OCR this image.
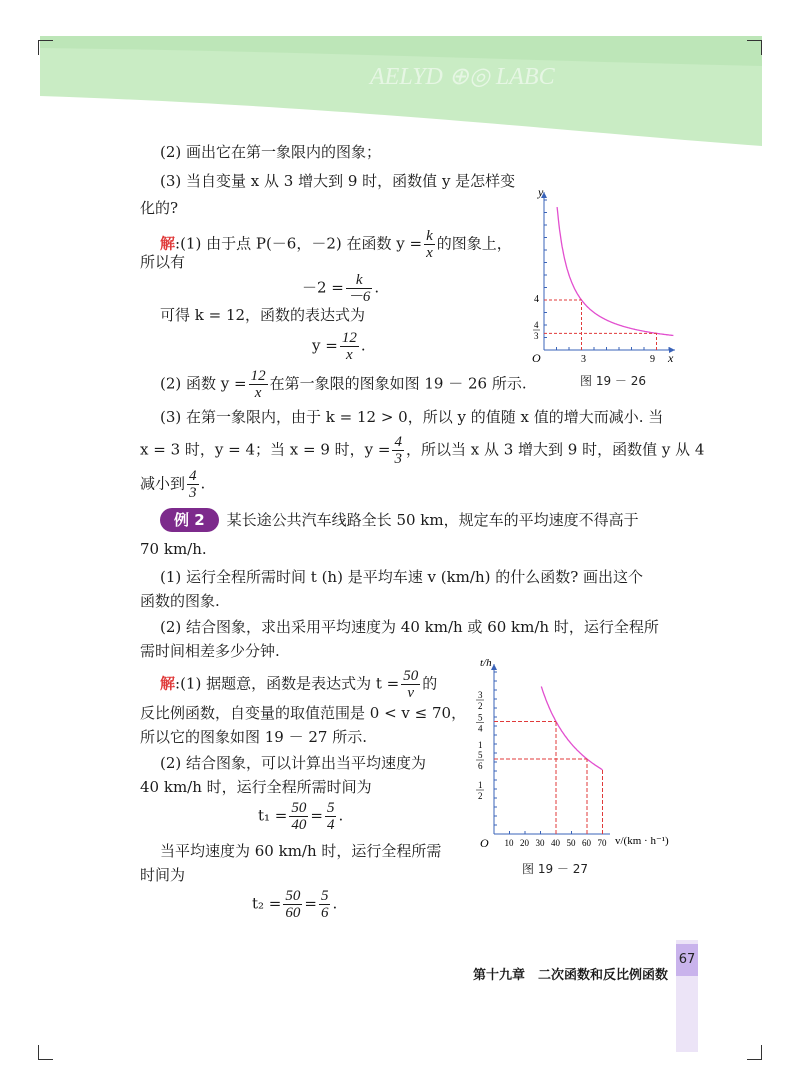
AELYD ⊕◎ LABC
(2) 画出它在第一象限内的图象；
(3) 当自变量 x 从 3 增大到 9 时，函数值 y 是怎样变
化的?
解:(1) 由于点 P(－6，－2) 在函数 $y = \frac{k}{x}$ 的图象上，
所以有
$-2 = \frac{k}{-6}$ .
可得 k = 12，函数的表达式为
$y = \frac{12}{x}$ .
(2) 函数 $y = \frac{12}{x}$ 在第一象限的图象如图 19 － 26 所示.
(3) 在第一象限内，由于 k = 12 > 0，所以 y 的值随 x 值的增大而减小. 当
x = 3 时，y = 4；当 x = 9 时，$y = \frac{4}{3}$ ，所以当 x 从 3 增大到 9 时，函数值 y 从 4
减小到 $\frac{4}{3}$ .
例 2 某长途公共汽车线路全长 50 km，规定车的平均速度不得高于
70 km/h.
(1) 运行全程所需时间 t (h) 是平均车速 v (km/h) 的什么函数? 画出这个
函数的图象.
(2) 结合图象，求出采用平均速度为 40 km/h 或 60 km/h 时，运行全程所
需时间相差多少分钟.
解:(1) 据题意，函数是表达式为 $t = \frac{50}{v}$ 的
反比例函数，自变量的取值范围是 0 < v ≤ 70，
所以它的图象如图 19 － 27 所示.
(2) 结合图象，可以计算出当平均速度为
40 km/h 时，运行全程所需时间为
$t_1 = \frac{50}{40} = \frac{5}{4}$ .
当平均速度为 60 km/h 时，运行全程所需
时间为
$t_2 = \frac{50}{60} = \frac{5}{6}$ .
y
x
O	3	9
4
4
3
图 19 － 26
10 20 30 40 50 60 70
3
2
5
4
1
5
6
1
2
t/h
v/(km · h⁻¹)
O
图 19 － 27
67
第十九章　二次函数和反比例函数
